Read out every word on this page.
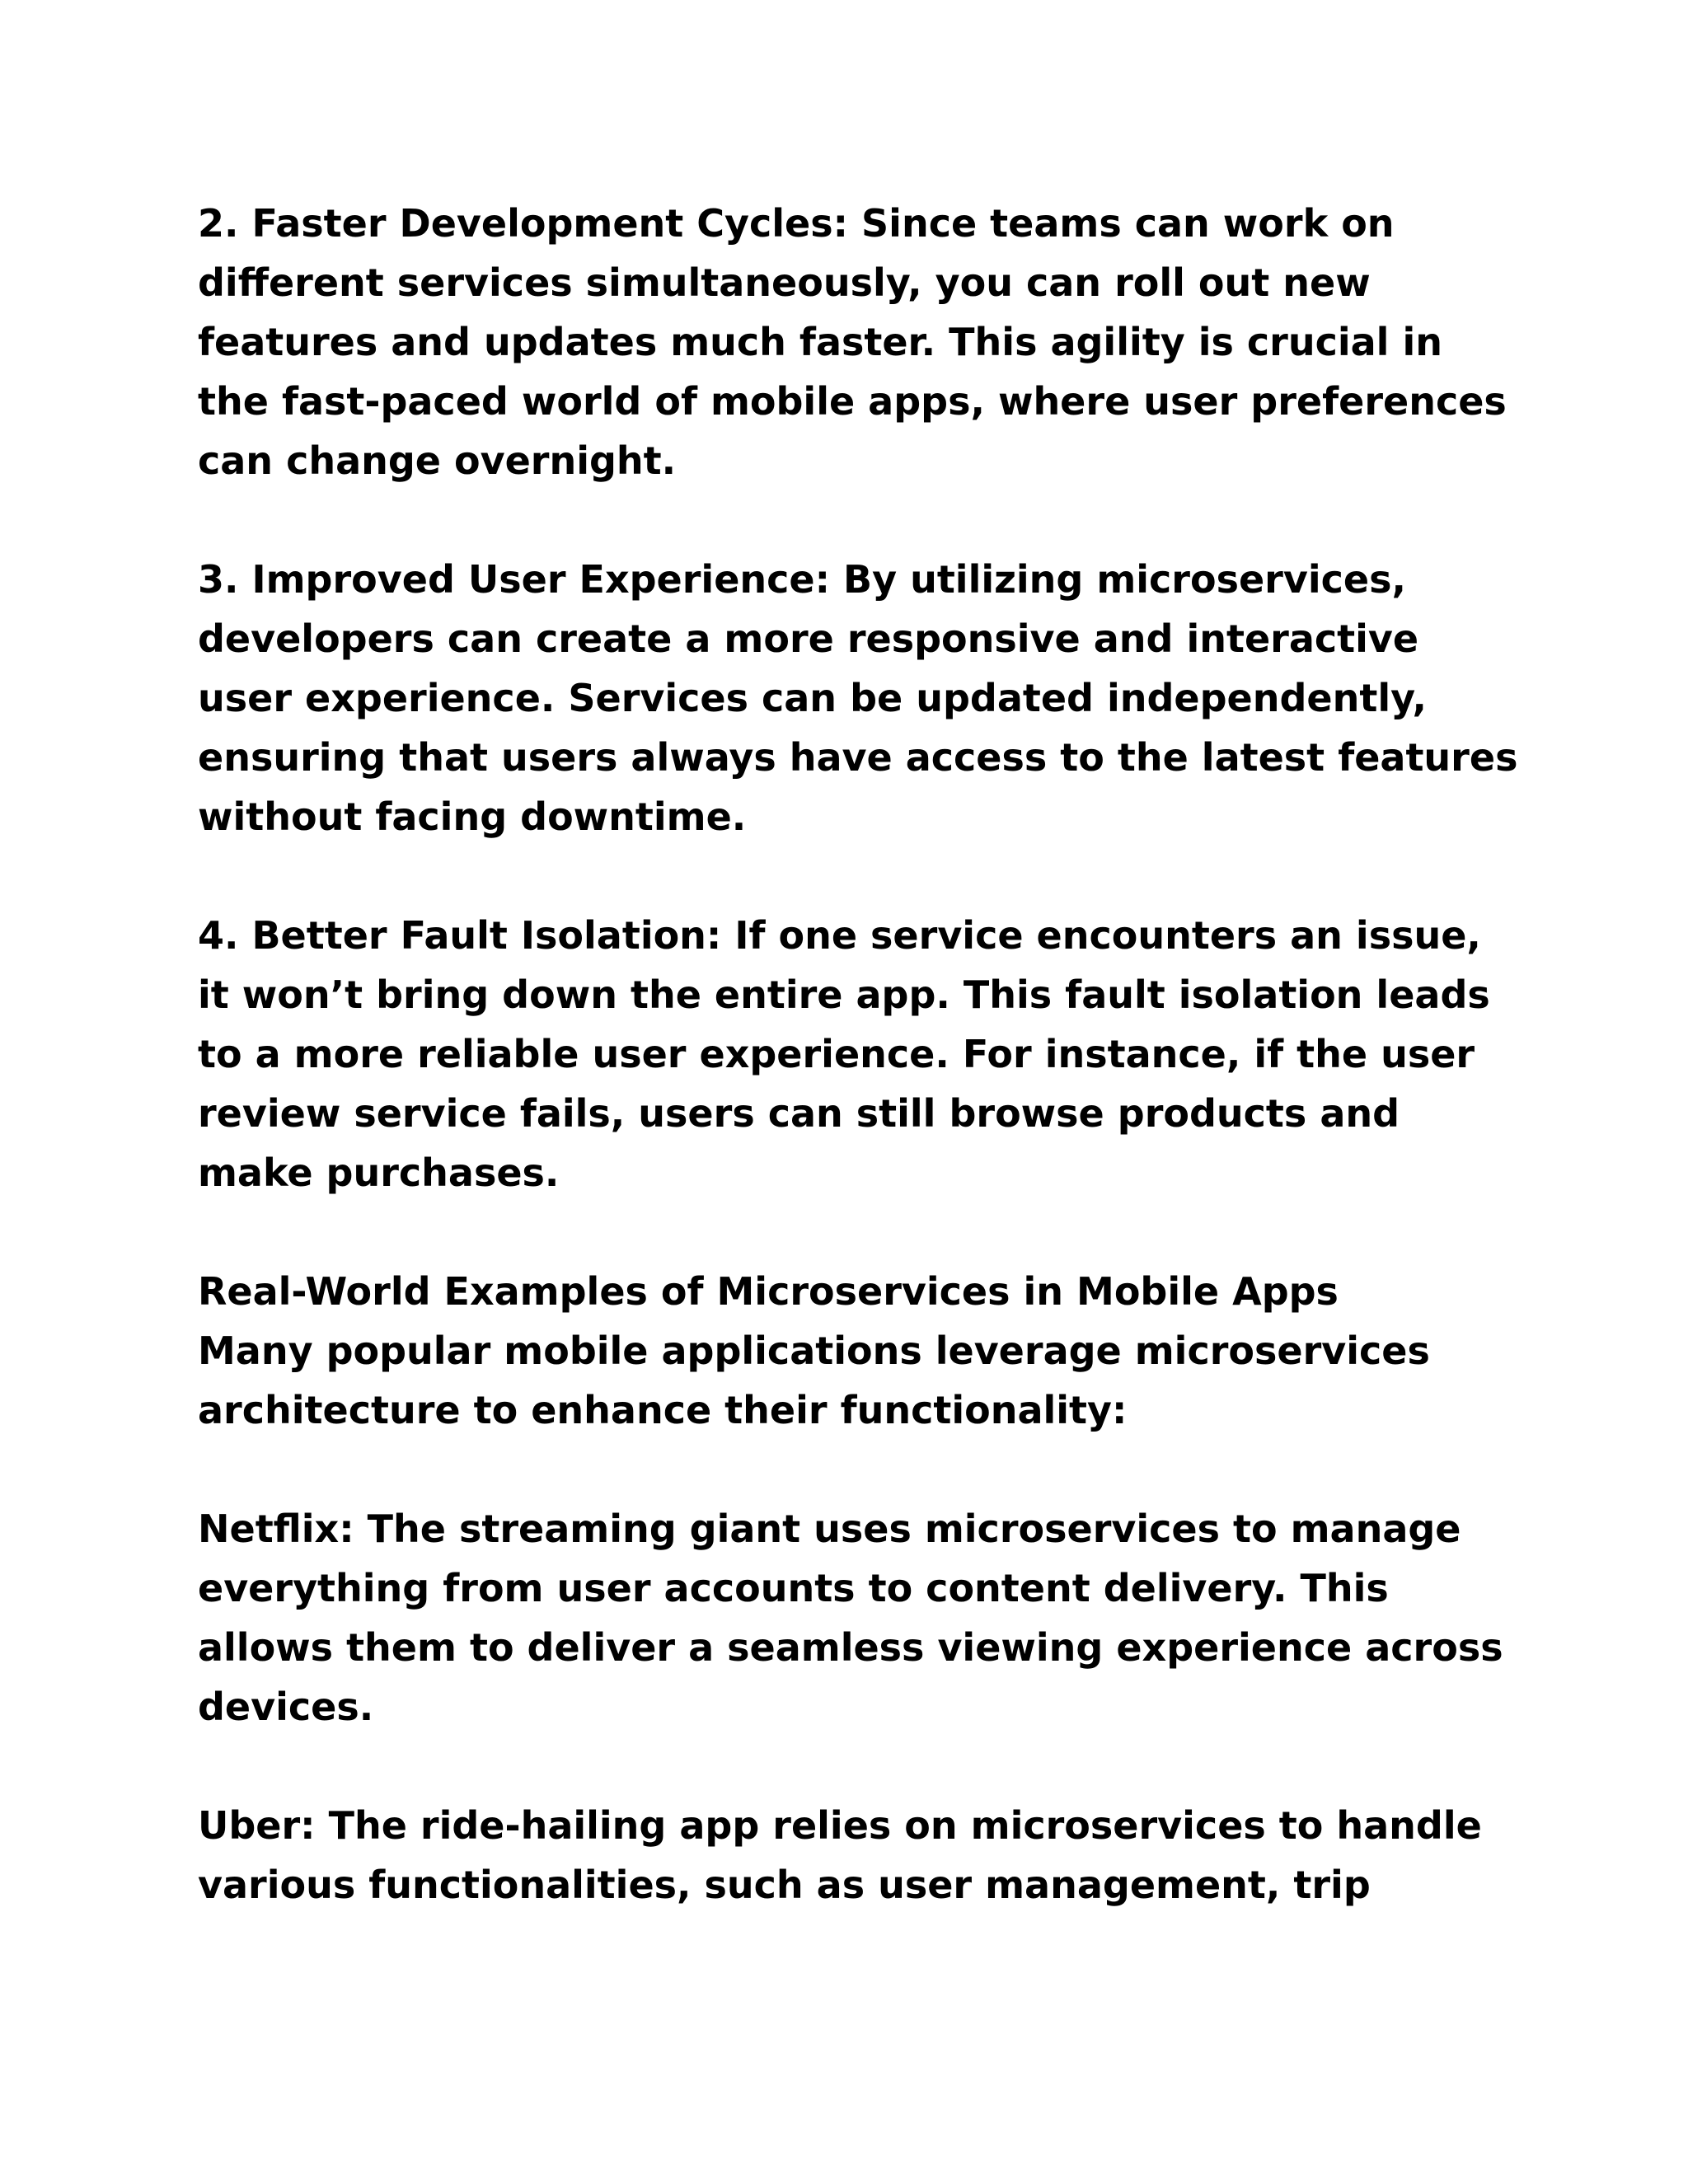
2. Faster Development Cycles: Since teams can work on
different services simultaneously, you can roll out new
features and updates much faster. This agility is crucial in
the fast-paced world of mobile apps, where user preferences
can change overnight.

3. Improved User Experience: By utilizing microservices,
developers can create a more responsive and interactive
user experience. Services can be updated independently,
ensuring that users always have access to the latest features
without facing downtime.

4. Better Fault Isolation: If one service encounters an issue,
it won’t bring down the entire app. This fault isolation leads
to a more reliable user experience. For instance, if the user
review service fails, users can still browse products and
make purchases.

Real-World Examples of Microservices in Mobile Apps
Many popular mobile applications leverage microservices
architecture to enhance their functionality:

Netflix: The streaming giant uses microservices to manage
everything from user accounts to content delivery. This
allows them to deliver a seamless viewing experience across
devices.

Uber: The ride-hailing app relies on microservices to handle
various functionalities, such as user management, trip
